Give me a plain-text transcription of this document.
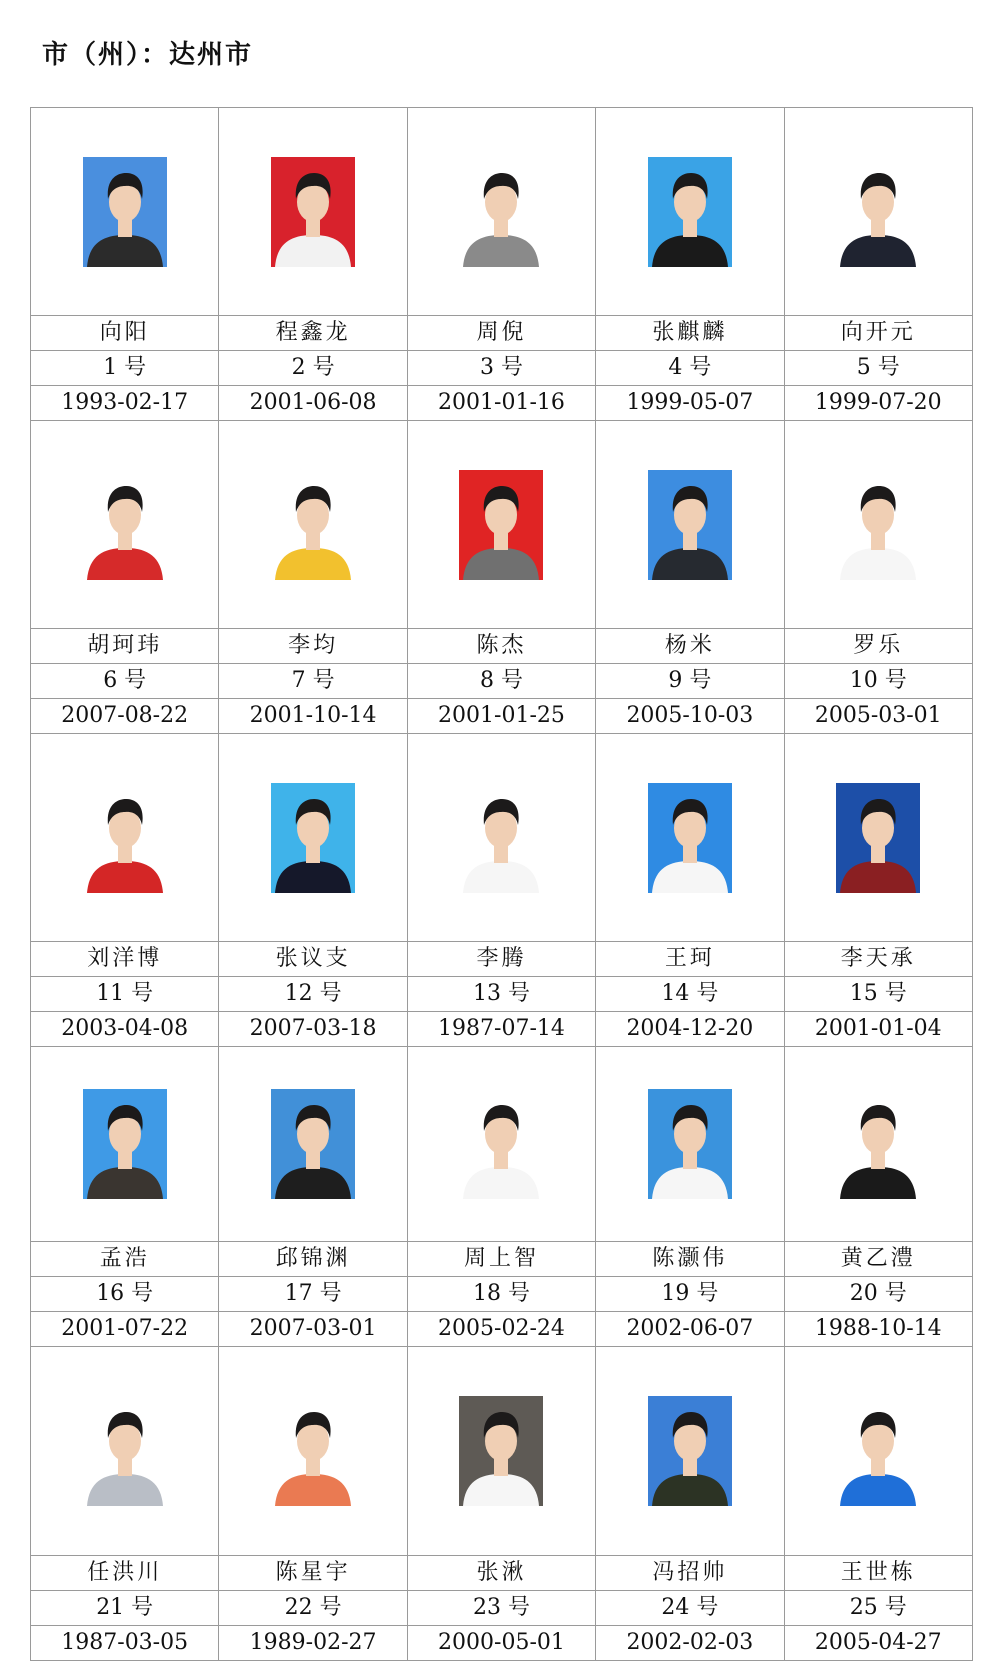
市（州）：达州市
向阳
1 号
1993-02-17
程鑫龙
2 号
2001-06-08
周倪
3 号
2001-01-16
张麒麟
4 号
1999-05-07
向开元
5 号
1999-07-20
胡珂玮
6 号
2007-08-22
李均
7 号
2001-10-14
陈杰
8 号
2001-01-25
杨米
9 号
2005-10-03
罗乐
10 号
2005-03-01
刘洋博
11 号
2003-04-08
张议支
12 号
2007-03-18
李腾
13 号
1987-07-14
王珂
14 号
2004-12-20
李天承
15 号
2001-01-04
孟浩
16 号
2001-07-22
邱锦渊
17 号
2007-03-01
周上智
18 号
2005-02-24
陈灏伟
19 号
2002-06-07
黄乙澧
20 号
1988-10-14
任洪川
21 号
1987-03-05
陈星宇
22 号
1989-02-27
张湫
23 号
2000-05-01
冯招帅
24 号
2002-02-03
王世栋
25 号
2005-04-27
